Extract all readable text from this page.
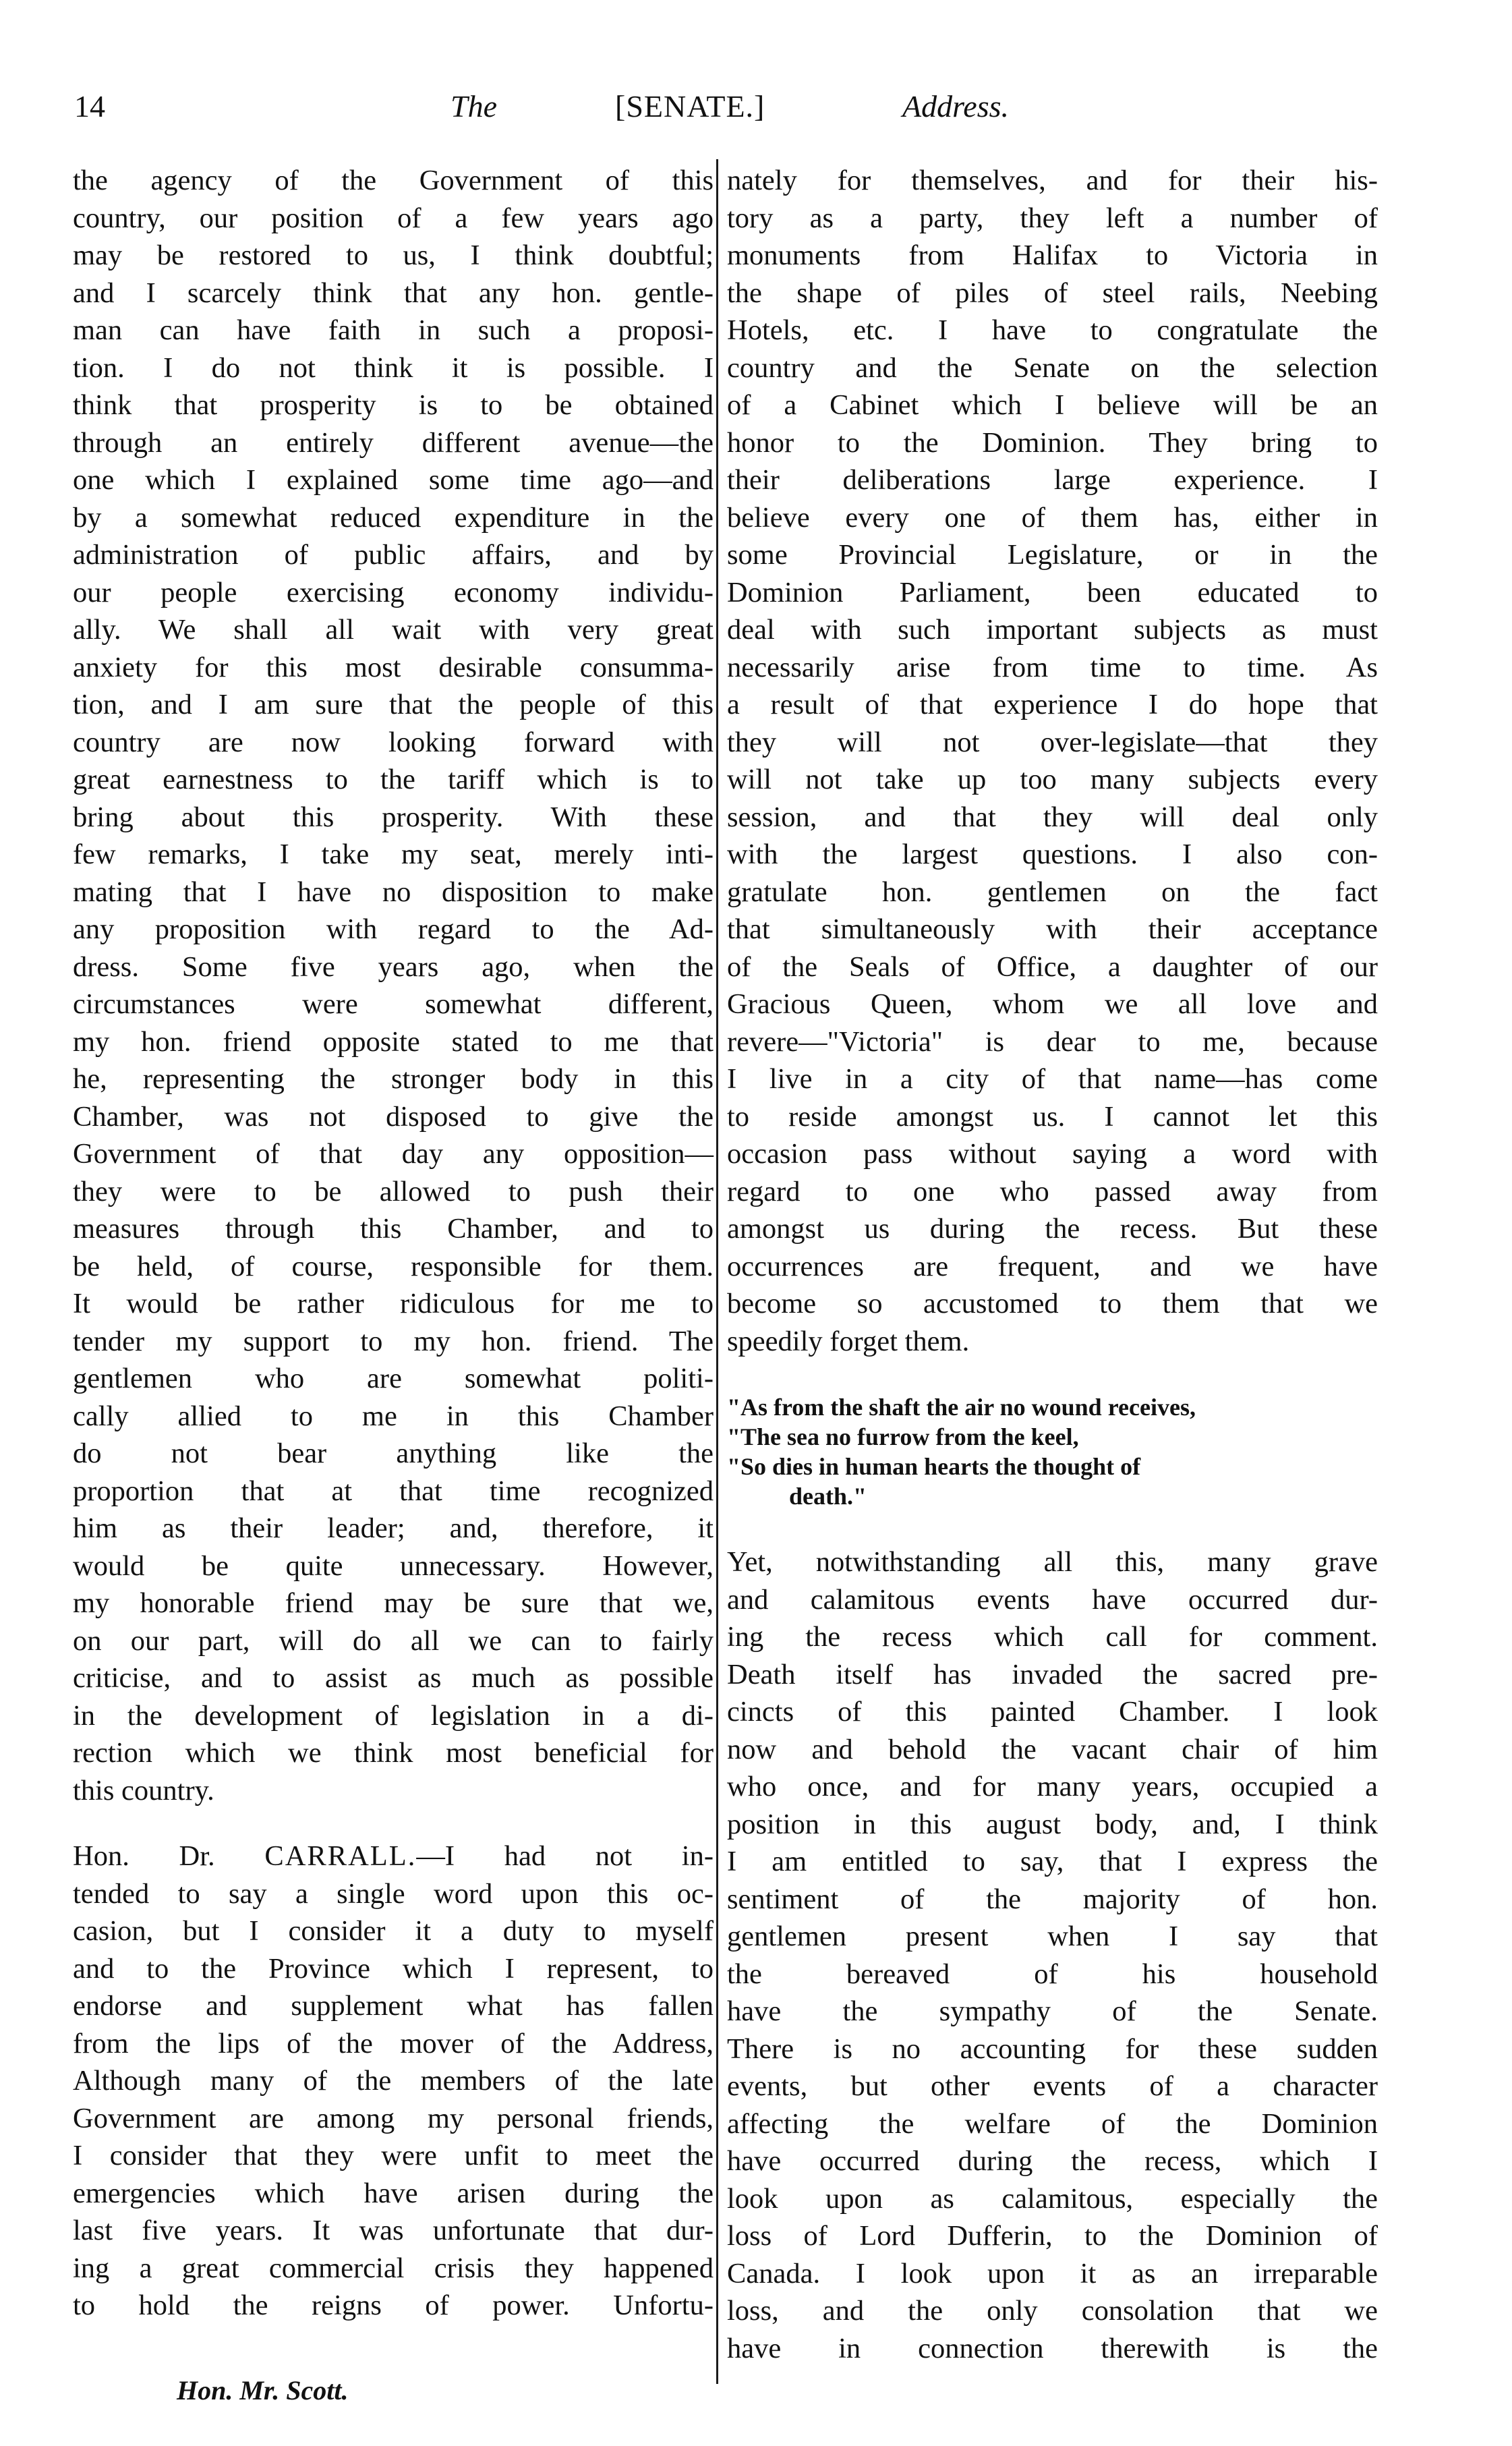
14	The	[SENATE.]	Address.
the agency of the Government of this
country, our position of a few years ago
may be restored to us, I think doubtful;
and I scarcely think that any hon. gentle-
man can have faith in such a proposi-
tion. I do not think it is possible. I
think that prosperity is to be obtained
through an entirely different avenue—the
one which I explained some time ago—and
by a somewhat reduced expenditure in the
administration of public affairs, and by
our people exercising economy individu-
ally. We shall all wait with very great
anxiety for this most desirable consumma-
tion, and I am sure that the people of this
country are now looking forward with
great earnestness to the tariff which is to
bring about this prosperity. With these
few remarks, I take my seat, merely inti-
mating that I have no disposition to make
any proposition with regard to the Ad-
dress. Some five years ago, when the
circumstances were somewhat different,
my hon. friend opposite stated to me that
he, representing the stronger body in this
Chamber, was not disposed to give the
Government of that day any opposition—
they were to be allowed to push their
measures through this Chamber, and to
be held, of course, responsible for them.
It would be rather ridiculous for me to
tender my support to my hon. friend. The
gentlemen who are somewhat politi-
cally allied to me in this Chamber
do not bear anything like the
proportion that at that time recognized
him as their leader; and, therefore, it
would be quite unnecessary. However,
my honorable friend may be sure that we,
on our part, will do all we can to fairly
criticise, and to assist as much as possible
in the development of legislation in a di-
rection which we think most beneficial for
this country.
Hon. Dr. CARRALL.—I had not in-
tended to say a single word upon this oc-
casion, but I consider it a duty to myself
and to the Province which I represent, to
endorse and supplement what has fallen
from the lips of the mover of the Address,
Although many of the members of the late
Government are among my personal friends,
I consider that they were unfit to meet the
emergencies which have arisen during the
last five years. It was unfortunate that dur-
ing a great commercial crisis they happened
to hold the reigns of power. Unfortu-
nately for themselves, and for their his-
tory as a party, they left a number of
monuments from Halifax to Victoria in
the shape of piles of steel rails, Neebing
Hotels, etc. I have to congratulate the
country and the Senate on the selection
of a Cabinet which I believe will be an
honor to the Dominion. They bring to
their deliberations large experience. I
believe every one of them has, either in
some Provincial Legislature, or in the
Dominion Parliament, been educated to
deal with such important subjects as must
necessarily arise from time to time. As
a result of that experience I do hope that
they will not over-legislate—that they
will not take up too many subjects every
session, and that they will deal only
with the largest questions. I also con-
gratulate hon. gentlemen on the fact
that simultaneously with their acceptance
of the Seals of Office, a daughter of our
Gracious Queen, whom we all love and
revere—"Victoria" is dear to me, because
I live in a city of that name—has come
to reside amongst us. I cannot let this
occasion pass without saying a word with
regard to one who passed away from
amongst us during the recess. But these
occurrences are frequent, and we have
become so accustomed to them that we
speedily forget them.
"As from the shaft the air no wound receives,
"The sea no furrow from the keel,
"So dies in human hearts the thought of
death."
Yet, notwithstanding all this, many grave
and calamitous events have occurred dur-
ing the recess which call for comment.
Death itself has invaded the sacred pre-
cincts of this painted Chamber. I look
now and behold the vacant chair of him
who once, and for many years, occupied a
position in this august body, and, I think
I am entitled to say, that I express the
sentiment of the majority of hon.
gentlemen present when I say that
the bereaved of his household
have the sympathy of the Senate.
There is no accounting for these sudden
events, but other events of a character
affecting the welfare of the Dominion
have occurred during the recess, which I
look upon as calamitous, especially the
loss of Lord Dufferin, to the Dominion of
Canada. I look upon it as an irreparable
loss, and the only consolation that we
have in connection therewith is the
Hon. Mr. Scott.
